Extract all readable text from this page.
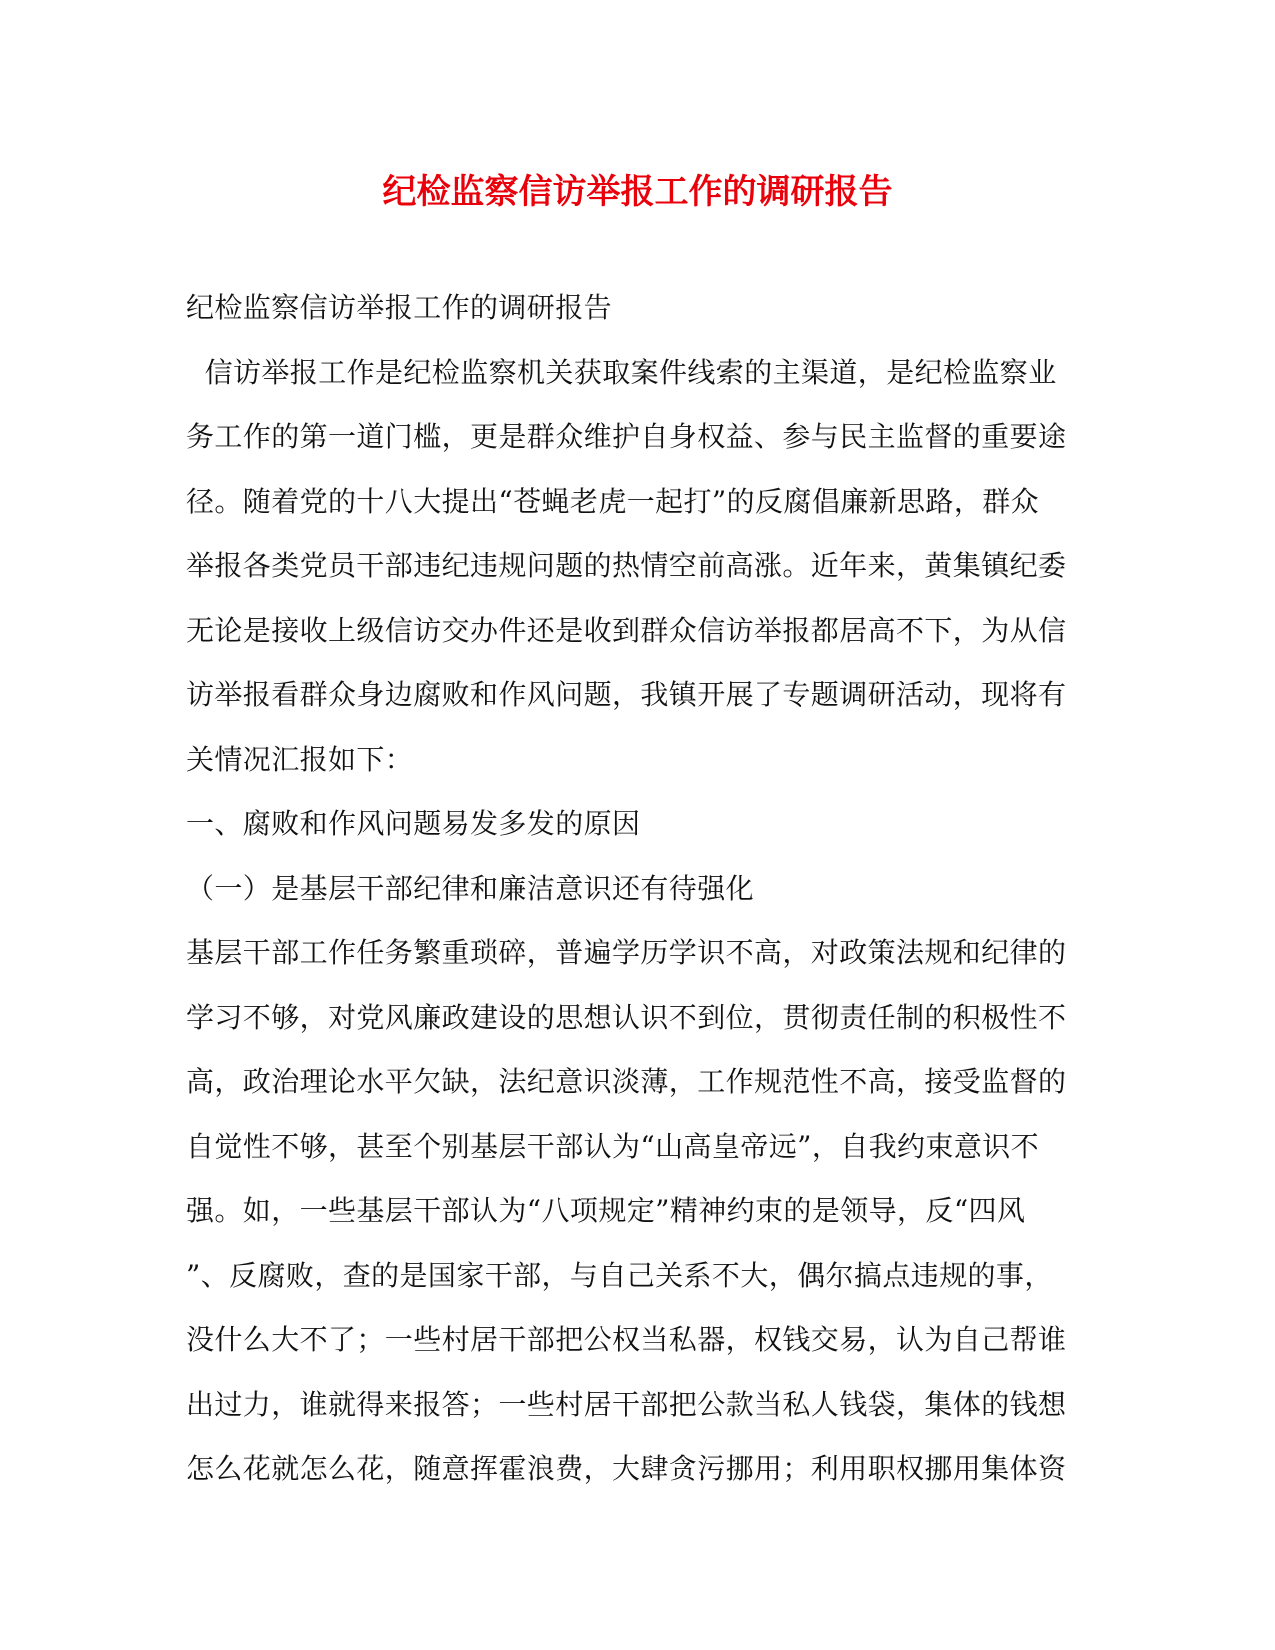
纪检监察信访举报工作的调研报告
纪检监察信访举报工作的调研报告
信访举报工作是纪检监察机关获取案件线索的主渠道，是纪检监察业
务工作的第一道门槛，更是群众维护自身权益、参与民主监督的重要途
径。随着党的十八大提出“苍蝇老虎一起打”的反腐倡廉新思路，群众
举报各类党员干部违纪违规问题的热情空前高涨。近年来，黄集镇纪委
无论是接收上级信访交办件还是收到群众信访举报都居高不下，为从信
访举报看群众身边腐败和作风问题，我镇开展了专题调研活动，现将有
关情况汇报如下：
一、腐败和作风问题易发多发的原因
（一）是基层干部纪律和廉洁意识还有待强化
基层干部工作任务繁重琐碎，普遍学历学识不高，对政策法规和纪律的
学习不够，对党风廉政建设的思想认识不到位，贯彻责任制的积极性不
高，政治理论水平欠缺，法纪意识淡薄，工作规范性不高，接受监督的
自觉性不够，甚至个别基层干部认为“山高皇帝远”，自我约束意识不
强。如，一些基层干部认为“八项规定”精神约束的是领导，反“四风
”、反腐败，查的是国家干部，与自己关系不大，偶尔搞点违规的事，
没什么大不了；一些村居干部把公权当私器，权钱交易，认为自己帮谁
出过力，谁就得来报答；一些村居干部把公款当私人钱袋，集体的钱想
怎么花就怎么花，随意挥霍浪费，大肆贪污挪用；利用职权挪用集体资
